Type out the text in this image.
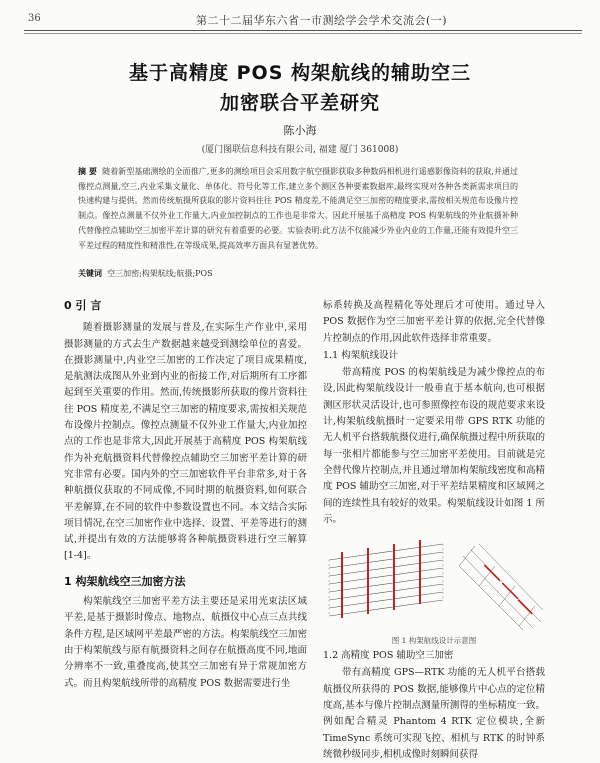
36	第二十二届华东六省一市测绘学会学术交流会(一)
基于高精度 POS 构架航线的辅助空三
加密联合平差研究
陈小海
(厦门图联信息科技有限公司, 福建 厦门 361008)
摘 要 随着新型基础测绘的全面推广,更多的测绘项目会采用数字航空摄影获取多种数码相机进行遥感影像资料的获取,并通过像控点测量,空三,内业采集文量化、单体化、符号化等工作,建立多个测区各种要素数据库,最终实现对各种各类新需求项目的快速构建与提供。然而传统航摄所获取的影片资料往往 POS 精度差,不能满足空三加密的精度要求,需按相关规范布设像片控制点。像控点测量不仅外业工作量大,内业加控制点的工作也是非常大。因此开展基于高精度 POS 构架航线的外业航摄补种代替像控点辅助空三加密平差计算的研究有着重要的必要。实验表明:此方法不仅能减少外业内业的工作量,还能有效提升空三平差过程的精度性和精准性,在等级成果,提高效率方面具有显著优势。
关键词 空三加密;构架航线;航摄;POS
0 引 言

随着摄影测量的发展与普及,在实际生产作业中,采用摄影测量的方式去生产数据越来越受到测绘单位的喜爱。在摄影测量中,内业空三加密的工作决定了项目成果精度,是航测法成图从外业到内业的衔接工作,对后期所有工序都起到至关重要的作用。然而,传统摄影所获取的像片资料往往 POS 精度差,不满足空三加密的精度要求,需按相关规范布设像片控制点。像控点测量不仅外业工作量大,内业加控点的工作也是非常大,因此开展基于高精度 POS 构架航线作为补充航摄资料代替像控点辅助空三加密平差计算的研究非常有必要。国内外的空三加密软件平台非常多,对于各种航摄仪获取的不同成像,不同时期的航摄资料,如何联合平差解算,在不同的软件中参数设置也不同。本文结合实际项目情况,在空三加密作业中选择、设置、平差等进行的测试,并提出有效的方法能够将各种航摄资料进行空三解算[1-4]。

1 构架航线空三加密方法

构架航线空三加密平差方法主要还是采用光束法区域平差,是基于摄影时像点、地物点、航摄仪中心点三点共线条件方程,是区域网平差最严密的方法。构架航线空三加密由于构架航线与原有航摄资料之间存在航摄高度不同,地面分辨率不一致,重叠度高,使其空三加密有异于常规加密方式。而且构架航线所带的高精度 POS 数据需要进行坐

标系转换及高程精化等处理后才可使用。通过导入 POS 数据作为空三加密平差计算的依据,完全代替像片控制点的作用,因此软件选择非常重要。

1.1 构架航线设计

带高精度 POS 的构架航线是为减少像控点的布设,因此构架航线设计一般垂直于基本航向,也可根据测区形状灵活设计,也可参照像控布设的规范要求来设计,构架航线航摄时一定要采用带 GPS RTK 功能的无人机平台搭载航摄仪进行,确保航摄过程中所获取的每一张相片都能参与空三加密平差使用。目前就是完全替代像片控制点,并且通过增加构架航线密度和高精度 POS 辅助空三加密,对于平差结果精度和区域网之间的连续性具有较好的效果。构架航线设计如图 1 所示。

图 1 构架航线设计示意图
1.2 高精度 POS 辅助空三加密

带有高精度 GPS—RTK 功能的无人机平台搭载航摄仪所获得的 POS 数据,能够像片中心点的定位精度高,基本与像片控制点测量所测得的坐标精度一致。例如配合精灵 Phantom 4 RTK 定位模块,全新 TimeSync 系统可实现飞控、相机与 RTK 的时钟系统微秒级同步,相机成像时刻瞬间获得
